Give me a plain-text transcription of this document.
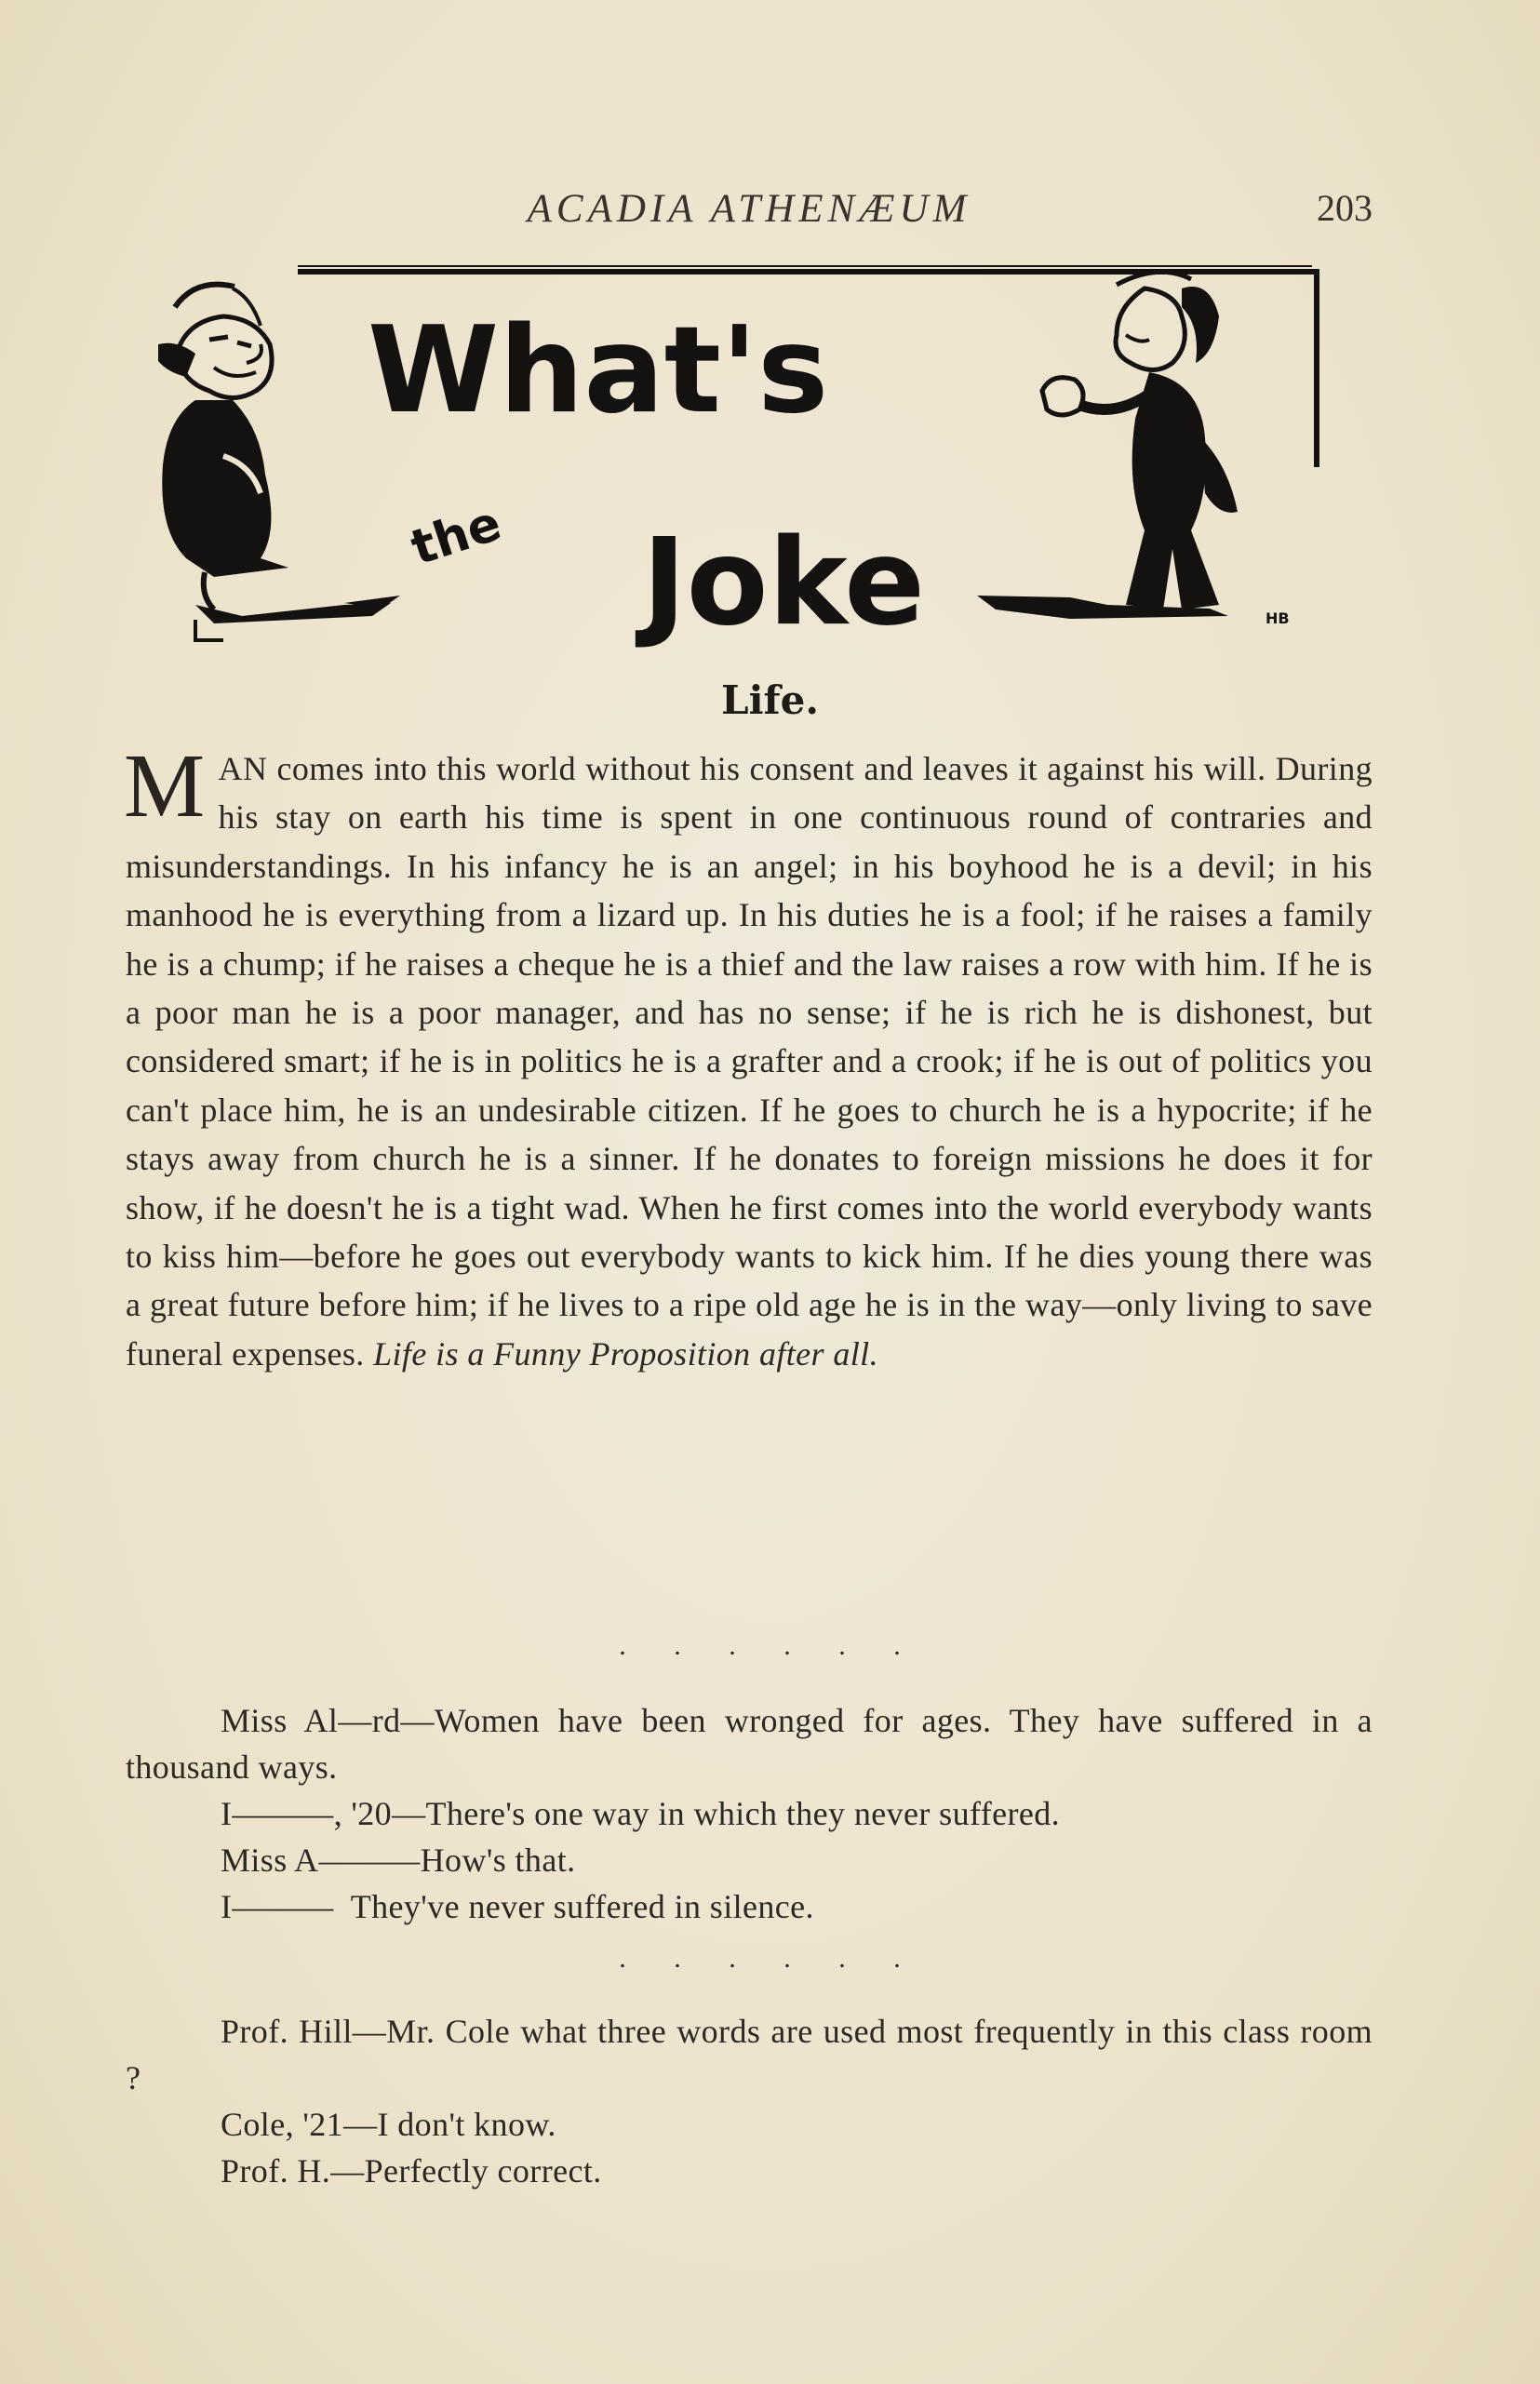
ACADIA ATHENÆUM	203
What's
the Joke	HB
Life.
MAN comes into this world without his consent and leaves it against his will. During his stay on earth his time is spent in one continuous round of contraries and misunderstandings. In his infancy he is an angel; in his boyhood he is a devil; in his manhood he is everything from a lizard up. In his duties he is a fool; if he raises a family he is a chump; if he raises a cheque he is a thief and the law raises a row with him. If he is a poor man he is a poor manager, and has no sense; if he is rich he is dishonest, but considered smart; if he is in politics he is a grafter and a crook; if he is out of politics you can't place him, he is an undesirable citizen. If he goes to church he is a hypocrite; if he stays away from church he is a sinner. If he donates to foreign missions he does it for show, if he doesn't he is a tight wad. When he first comes into the world everybody wants to kiss him—before he goes out everybody wants to kick him. If he dies young there was a great future before him; if he lives to a ripe old age he is in the way—only living to save funeral expenses. Life is a Funny Proposition after all.
. . . . . .

Miss Al—rd—Women have been wronged for ages. They have suffered in a thousand ways.

I———, '20—There's one way in which they never suffered.

Miss A———How's that.

I———  They've never suffered in silence.

. . . . . .

Prof. Hill—Mr. Cole what three words are used most frequently in this class room ?

Cole, '21—I don't know.

Prof. H.—Perfectly correct.
